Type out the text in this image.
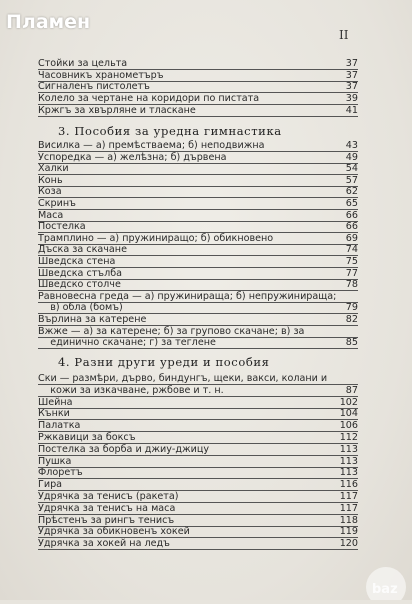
Пламен
II
Стойки за цельта	37
Часовникъ хранометъръ	37
Сигналенъ пистолетъ	37
Колело за чертане на коридори по пистата	39
Кржгъ за хвърляне и тласкане	41
3. Пособия за уредна гимнастика
Висилка — а) премѣстваема; б) неподвижна	43
Успоредка — а) желѣзна; б) дървена	49
Халки	54
Конь	57
Коза	62
Скринъ	65
Маса	66
Постелка	66
Трамплино — а) пружиниращо; б) обикновено	69
Дъска за скачане	74
Шведска стена	75
Шведска стълба	77
Шведско столче	78
Равновесна греда — а) пружинираща; б) непружиниращa;
в) обла (бомъ)	79
Върлина за катерене	82
Вжже — а) за катерене; б) за групово скачане; в) за
единично скачане; г) за теглене	85
4. Разни други уреди и пособия
Ски — размѣри, дърво, биндунгъ, щеки, вакси, колани и
кожи за изкачване, ржбове и т. н.	87
Шейна	102
Кънки	104
Палатка	106
Ржкавици за боксъ	112
Постелка за борба и джиу-джицу	113
Пушка	113
Флоретъ	113
Гира	116
Удрячка за тенисъ (ракета)	117
Удрячка за тенисъ на маса	117
Прѣстенъ за рингъ тенисъ	118
Удрячка за обикновенъ хокей	119
Удрячка за хокей на ледъ	120
baz
